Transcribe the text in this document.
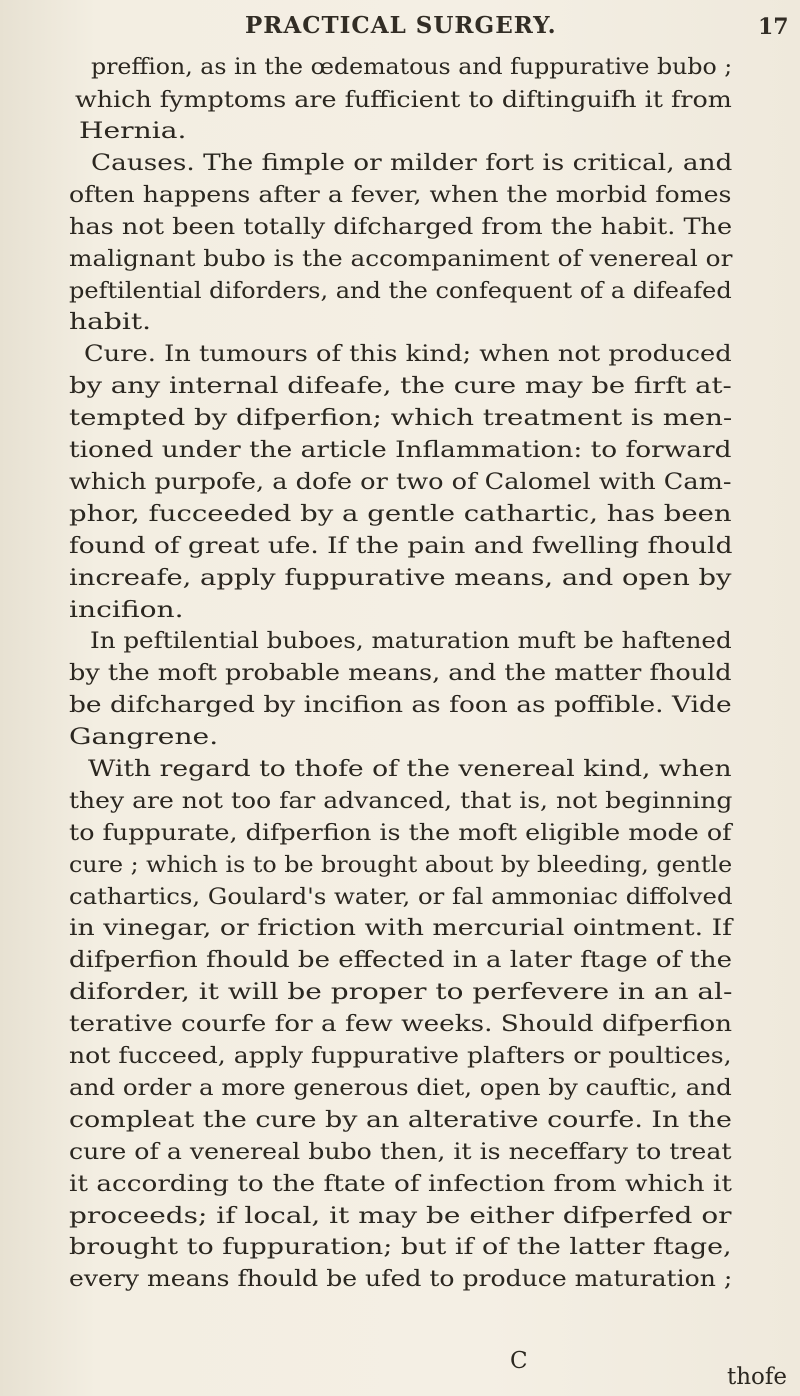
PRACTICAL SURGERY.	17
preffion, as in the œdematous and fuppurative bubo ;
which fymptoms are fufficient to diftinguifh it from
Hernia.
Causes. The fimple or milder fort is critical, and
often happens after a fever, when the morbid fomes
has not been totally difcharged from the habit. The
malignant bubo is the accompaniment of venereal or
peftilential diforders, and the confequent of a difeafed
habit.
Cure. In tumours of this kind; when not produced
by any internal difeafe, the cure may be firft at-
tempted by difperfion; which treatment is men-
tioned under the article Inflammation: to forward
which purpofe, a dofe or two of Calomel with Cam-
phor, fucceeded by a gentle cathartic, has been
found of great ufe. If the pain and fwelling fhould
increafe, apply fuppurative means, and open by
incifion.
In peftilential buboes, maturation muft be haftened
by the moft probable means, and the matter fhould
be difcharged by incifion as foon as poffible. Vide
Gangrene.
With regard to thofe of the venereal kind, when
they are not too far advanced, that is, not beginning
to fuppurate, difperfion is the moft eligible mode of
cure ; which is to be brought about by bleeding, gentle
cathartics, Goulard's water, or fal ammoniac diffolved
in vinegar, or friction with mercurial ointment. If
difperfion fhould be effected in a later ftage of the
diforder, it will be proper to perfevere in an al-
terative courfe for a few weeks. Should difperfion
not fucceed, apply fuppurative plafters or poultices,
and order a more generous diet, open by cauftic, and
compleat the cure by an alterative courfe. In the
cure of a venereal bubo then, it is neceffary to treat
it according to the ftate of infection from which it
proceeds; if local, it may be either difperfed or
brought to fuppuration; but if of the latter ftage,
every means fhould be ufed to produce maturation ;
C
thofe
